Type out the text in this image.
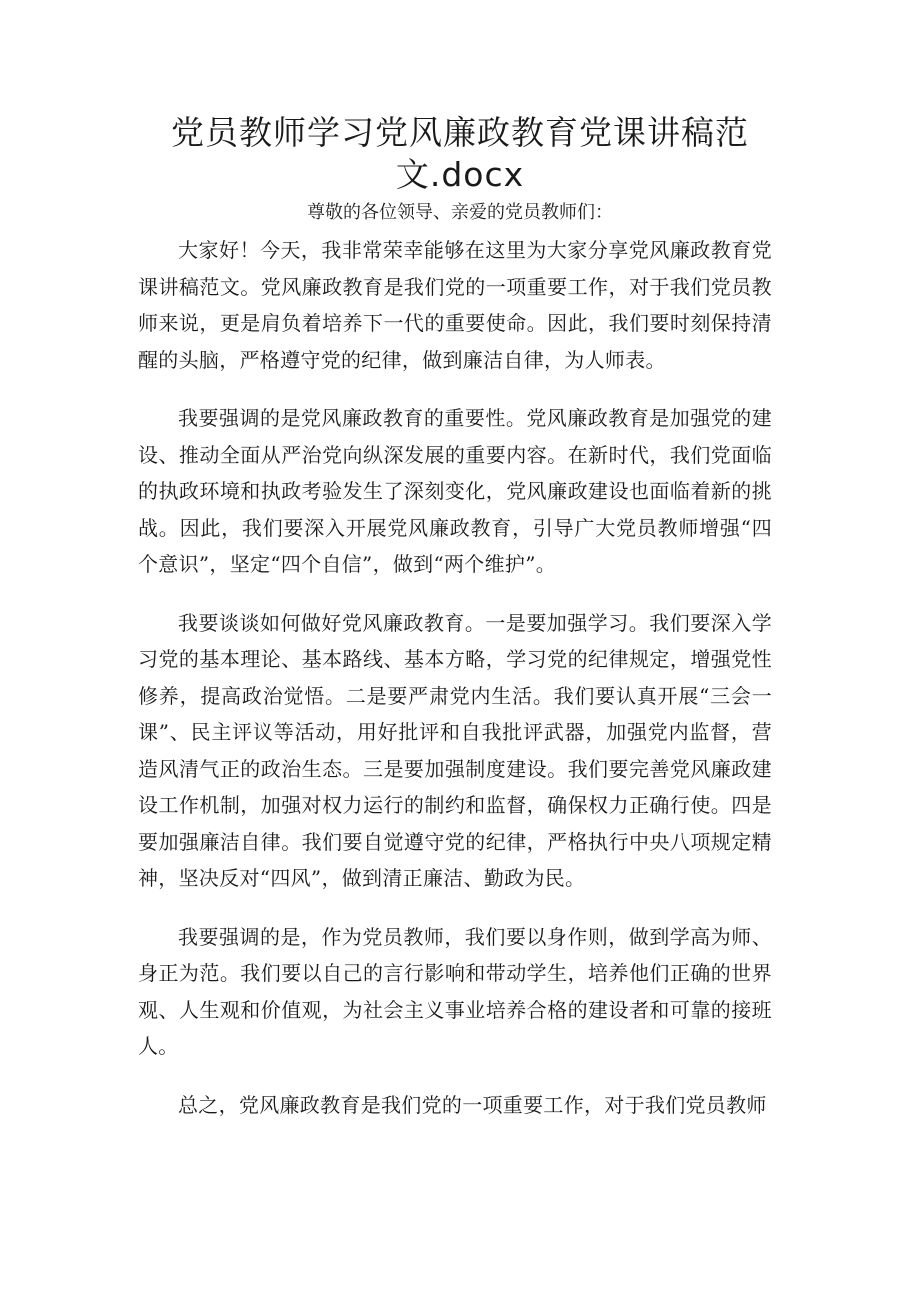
党员教师学习党风廉政教育党课讲稿范
文.docx

尊敬的各位领导、亲爱的党员教师们：

大家好！今天，我非常荣幸能够在这里为大家分享党风廉政教育党课讲稿范文。党风廉政教育是我们党的一项重要工作，对于我们党员教师来说，更是肩负着培养下一代的重要使命。因此，我们要时刻保持清醒的头脑，严格遵守党的纪律，做到廉洁自律，为人师表。

我要强调的是党风廉政教育的重要性。党风廉政教育是加强党的建设、推动全面从严治党向纵深发展的重要内容。在新时代，我们党面临的执政环境和执政考验发生了深刻变化，党风廉政建设也面临着新的挑战。因此，我们要深入开展党风廉政教育，引导广大党员教师增强“四个意识”，坚定“四个自信”，做到“两个维护”。

我要谈谈如何做好党风廉政教育。一是要加强学习。我们要深入学习党的基本理论、基本路线、基本方略，学习党的纪律规定，增强党性修养，提高政治觉悟。二是要严肃党内生活。我们要认真开展“三会一课”、民主评议等活动，用好批评和自我批评武器，加强党内监督，营造风清气正的政治生态。三是要加强制度建设。我们要完善党风廉政建设工作机制，加强对权力运行的制约和监督，确保权力正确行使。四是要加强廉洁自律。我们要自觉遵守党的纪律，严格执行中央八项规定精神，坚决反对“四风”，做到清正廉洁、勤政为民。

我要强调的是，作为党员教师，我们要以身作则，做到学高为师、身正为范。我们要以自己的言行影响和带动学生，培养他们正确的世界观、人生观和价值观，为社会主义事业培养合格的建设者和可靠的接班人。

总之，党风廉政教育是我们党的一项重要工作，对于我们党员教师
